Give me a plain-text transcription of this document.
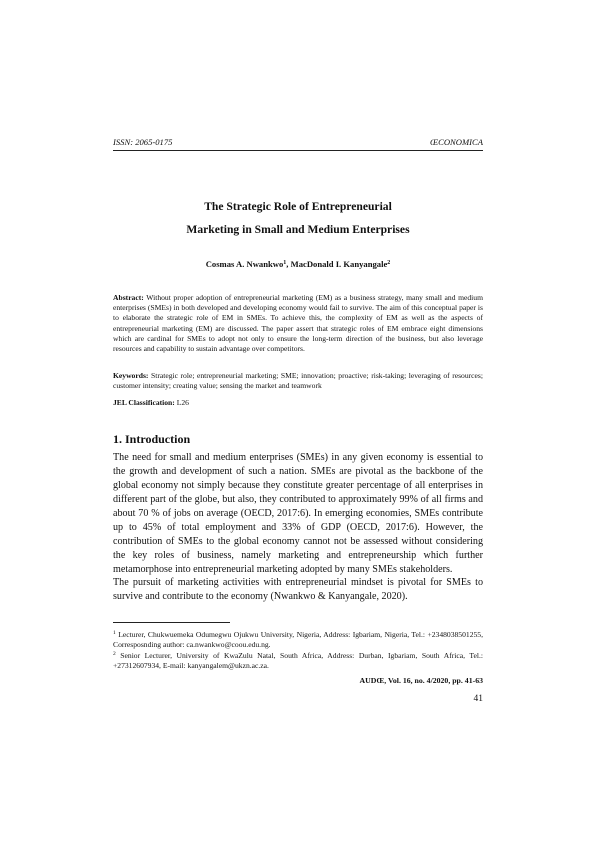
ISSN: 2065-0175	ŒCONOMICA
The Strategic Role of Entrepreneurial
Marketing in Small and Medium Enterprises
Cosmas A. Nwankwo$^1$, MacDonald I. Kanyangale$^2$

Abstract: Without proper adoption of entrepreneurial marketing (EM) as a business strategy, many small and medium enterprises (SMEs) in both developed and developing economy would fail to survive. The aim of this conceptual paper is to elaborate the strategic role of EM in SMEs. To achieve this, the complexity of EM as well as the aspects of entrepreneurial marketing (EM) are discussed. The paper assert that strategic roles of EM embrace eight dimensions which are cardinal for SMEs to adopt not only to ensure the long-term direction of the business, but also leverage resources and capability to sustain advantage over competitors.

Keywords: Strategic role; entrepreneurial marketing; SME; innovation; proactive; risk-taking; leveraging of resources; customer intensity; creating value; sensing the market and teamwork

JEL Classification: L26

1. Introduction

The need for small and medium enterprises (SMEs) in any given economy is essential to the growth and development of such a nation. SMEs are pivotal as the backbone of the global economy not simply because they constitute greater percentage of all enterprises in different part of the globe, but also, they contributed to approximately 99% of all firms and about 70 % of jobs on average (OECD, 2017:6). In emerging economies, SMEs contribute up to 45% of total employment and 33% of GDP (OECD, 2017:6). However, the contribution of SMEs to the global economy cannot not be assessed without considering the key roles of business, namely marketing and entrepreneurship which further metamorphose into entrepreneurial marketing adopted by many SMEs stakeholders.

The pursuit of marketing activities with entrepreneurial mindset is pivotal for SMEs to survive and contribute to the economy (Nwankwo & Kanyangale, 2020).

$^1$ Lecturer, Chukwuemeka Odumegwu Ojukwu University, Nigeria, Address: Igbariam, Nigeria, Tel.: +2348038501255, Corresposnding author: ca.nwankwo@coou.edu.ng.

$^2$ Senior Lecturer, University of KwaZulu Natal, South Africa, Address: Durban, Igbariam, South Africa, Tel.: +27312607934, E-mail: kanyangalem@ukzn.ac.za.

AUDŒ, Vol. 16, no. 4/2020, pp. 41-63
41
